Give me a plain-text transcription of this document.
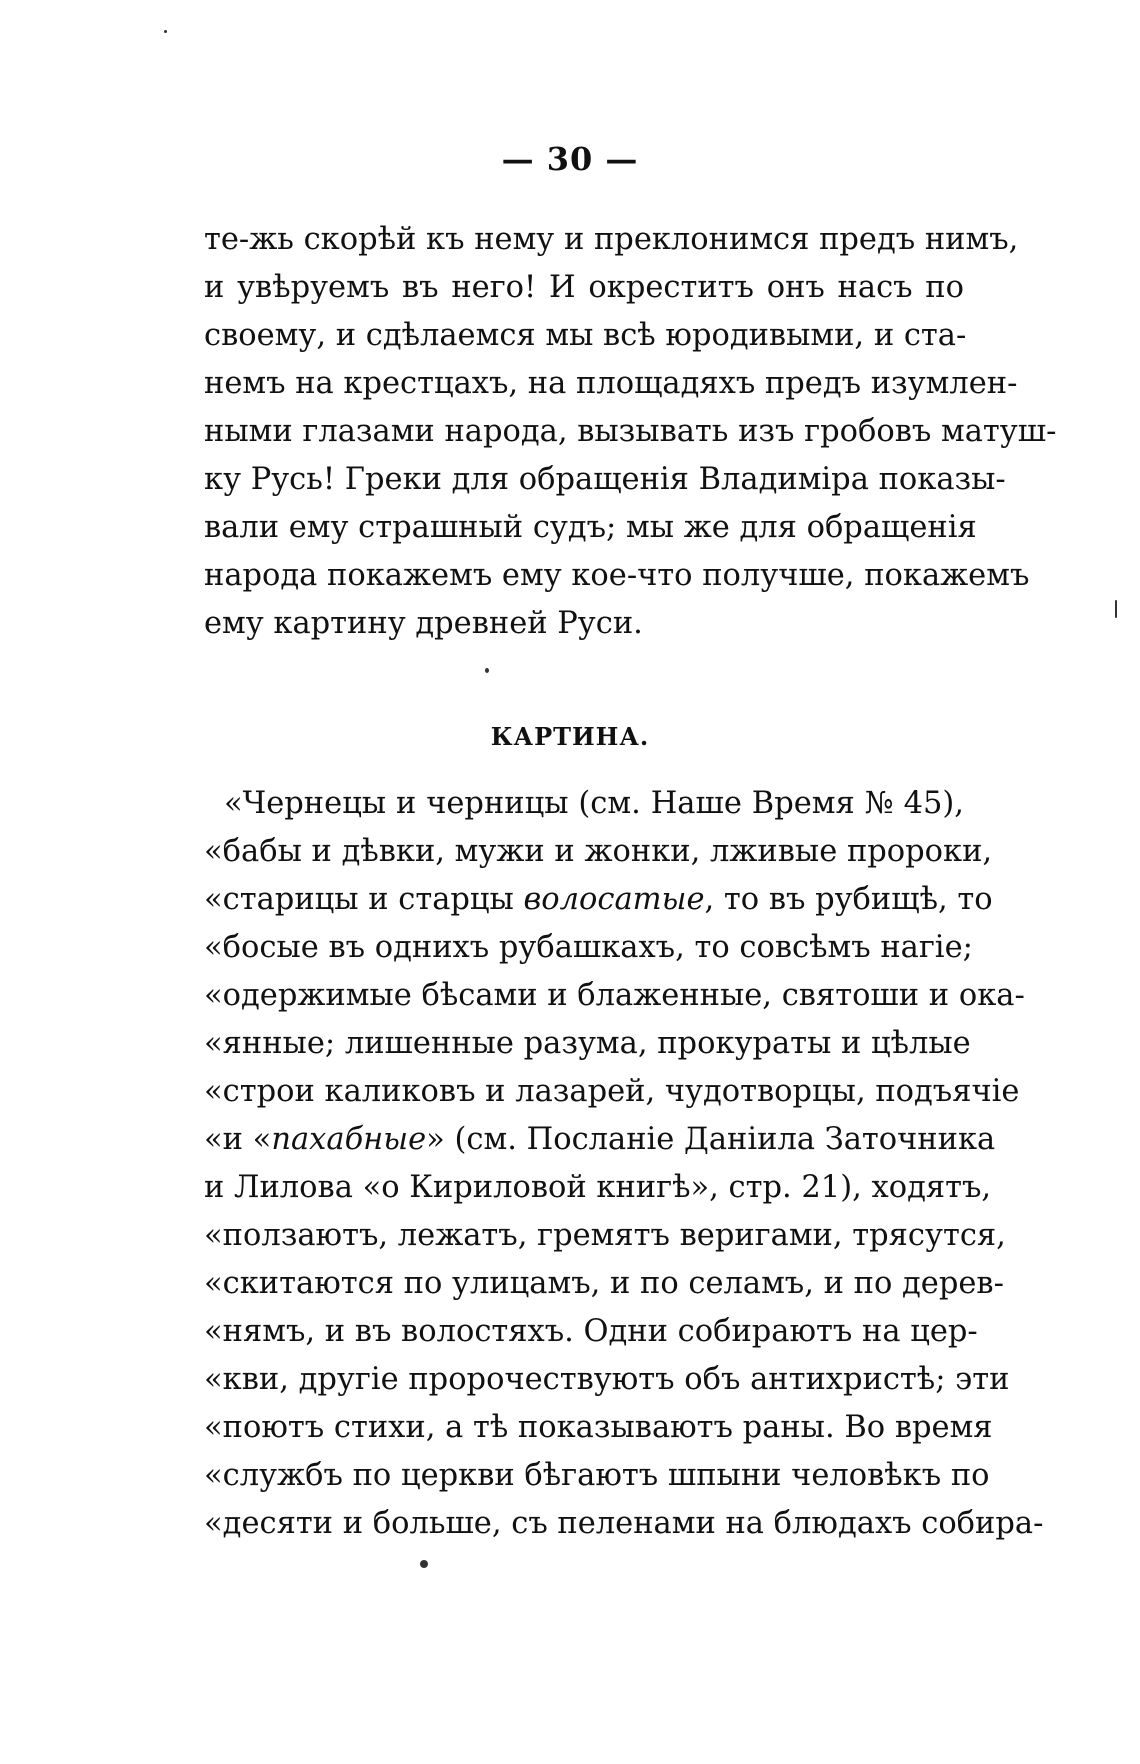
— 30 —
те-жь скорѣй къ нему и преклонимся предъ нимъ,
и увѣруемъ въ него! И окреститъ онъ насъ по
своему, и сдѣлаемся мы всѣ юродивыми, и ста-
немъ на крестцахъ, на площадяхъ предъ изумлен-
ными глазами народа, вызывать изъ гробовъ матуш-
ку Русь! Греки для обращенія Владиміра показы-
вали ему страшный судъ; мы же для обращенія
народа покажемъ ему кое-что получше, покажемъ
ему картину древней Руси.
КАРТИНА.
«Чернецы и черницы (см. Наше Время № 45),
«бабы и дѣвки, мужи и жонки, лживые пророки,
«старицы и старцы волосатые, то въ рубищѣ, то
«босые въ однихъ рубашкахъ, то совсѣмъ нагіе;
«одержимые бѣсами и блаженные, святоши и ока-
«янные; лишенные разума, прокураты и цѣлые
«строи каликовъ и лазарей, чудотворцы, подъячіе
«и «пахабные» (см. Посланіе Даніила Заточника
и Лилова «о Кириловой книгѣ», стр. 21), ходятъ,
«ползаютъ, лежатъ, гремятъ веригами, трясутся,
«скитаются по улицамъ, и по селамъ, и по дерев-
«нямъ, и въ волостяхъ. Одни собираютъ на цер-
«кви, другіе пророчествуютъ объ антихристѣ; эти
«поютъ стихи, а тѣ показываютъ раны. Во время
«службъ по церкви бѣгаютъ шпыни человѣкъ по
«десяти и больше, съ пеленами на блюдахъ собира-
